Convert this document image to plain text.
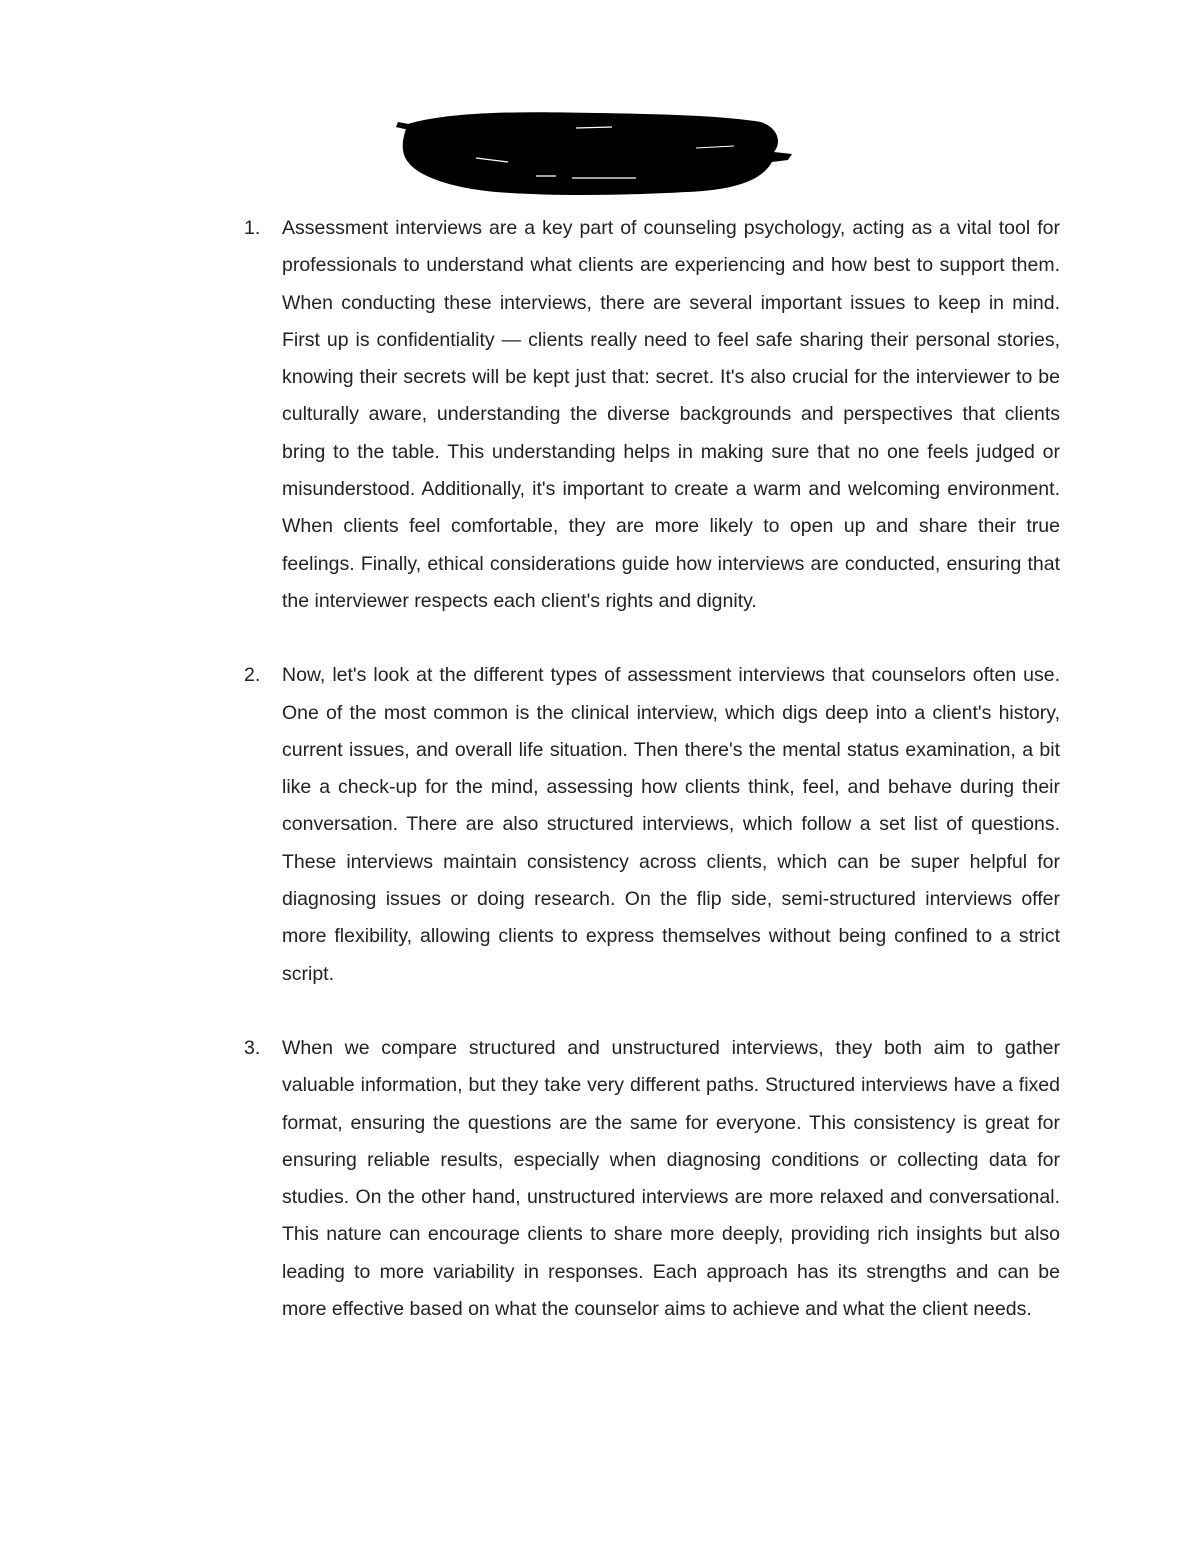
1. Assessment interviews are a key part of counseling psychology, acting as a vital tool for professionals to understand what clients are experiencing and how best to support them. When conducting these interviews, there are several important issues to keep in mind. First up is confidentiality — clients really need to feel safe sharing their personal stories, knowing their secrets will be kept just that: secret. It's also crucial for the interviewer to be culturally aware, understanding the diverse backgrounds and perspectives that clients bring to the table. This understanding helps in making sure that no one feels judged or misunderstood. Additionally, it's important to create a warm and welcoming environment. When clients feel comfortable, they are more likely to open up and share their true feelings. Finally, ethical considerations guide how interviews are conducted, ensuring that the interviewer respects each client's rights and dignity.

2. Now, let's look at the different types of assessment interviews that counselors often use. One of the most common is the clinical interview, which digs deep into a client's history, current issues, and overall life situation. Then there's the mental status examination, a bit like a check-up for the mind, assessing how clients think, feel, and behave during their conversation. There are also structured interviews, which follow a set list of questions. These interviews maintain consistency across clients, which can be super helpful for diagnosing issues or doing research. On the flip side, semi-structured interviews offer more flexibility, allowing clients to express themselves without being confined to a strict script.

3. When we compare structured and unstructured interviews, they both aim to gather valuable information, but they take very different paths. Structured interviews have a fixed format, ensuring the questions are the same for everyone. This consistency is great for ensuring reliable results, especially when diagnosing conditions or collecting data for studies. On the other hand, unstructured interviews are more relaxed and conversational. This nature can encourage clients to share more deeply, providing rich insights but also leading to more variability in responses. Each approach has its strengths and can be more effective based on what the counselor aims to achieve and what the client needs.
